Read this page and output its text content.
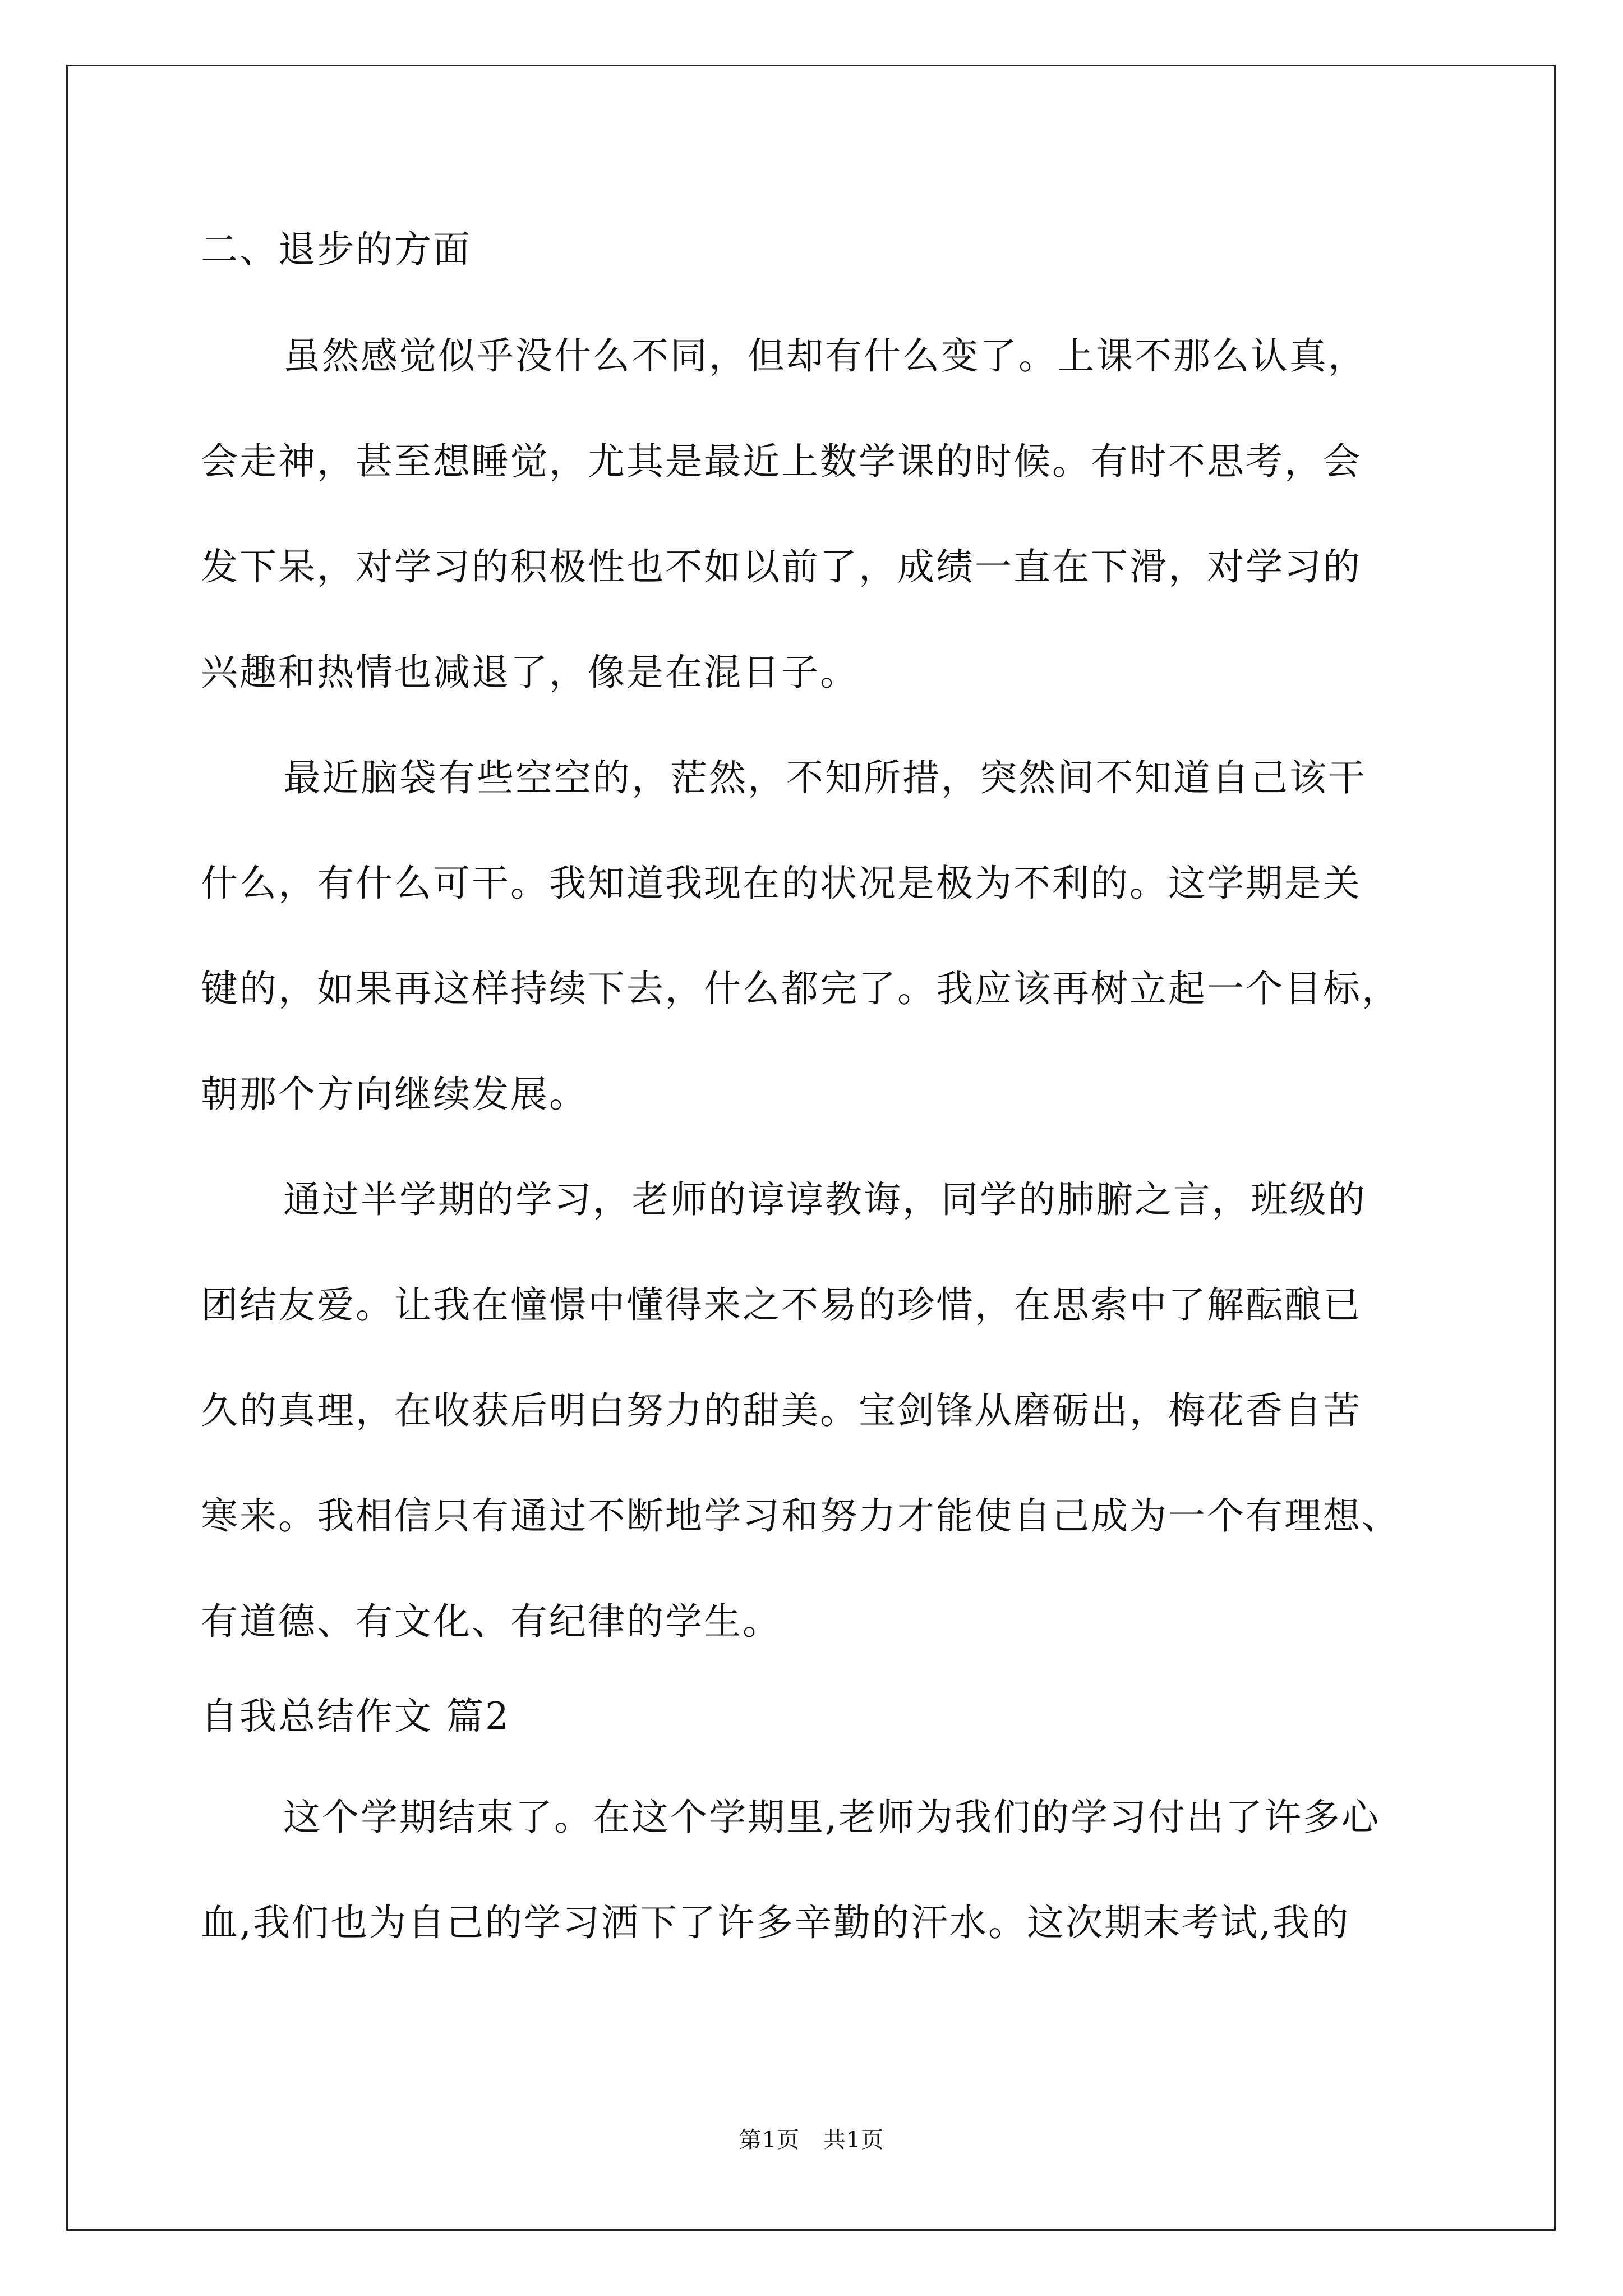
二、退步的方面
虽然感觉似乎没什么不同，但却有什么变了。上课不那么认真，
会走神，甚至想睡觉，尤其是最近上数学课的时候。有时不思考，会
发下呆，对学习的积极性也不如以前了，成绩一直在下滑，对学习的
兴趣和热情也减退了，像是在混日子。
最近脑袋有些空空的，茫然，不知所措，突然间不知道自己该干
什么，有什么可干。我知道我现在的状况是极为不利的。这学期是关
键的，如果再这样持续下去，什么都完了。我应该再树立起一个目标，
朝那个方向继续发展。
通过半学期的学习，老师的谆谆教诲，同学的肺腑之言，班级的
团结友爱。让我在憧憬中懂得来之不易的珍惜，在思索中了解酝酿已
久的真理，在收获后明白努力的甜美。宝剑锋从磨砺出，梅花香自苦
寒来。我相信只有通过不断地学习和努力才能使自己成为一个有理想、
有道德、有文化、有纪律的学生。
自我总结作文 篇2
这个学期结束了。在这个学期里,老师为我们的学习付出了许多心
血,我们也为自己的学习洒下了许多辛勤的汗水。这次期末考试,我的
第1页 共1页
